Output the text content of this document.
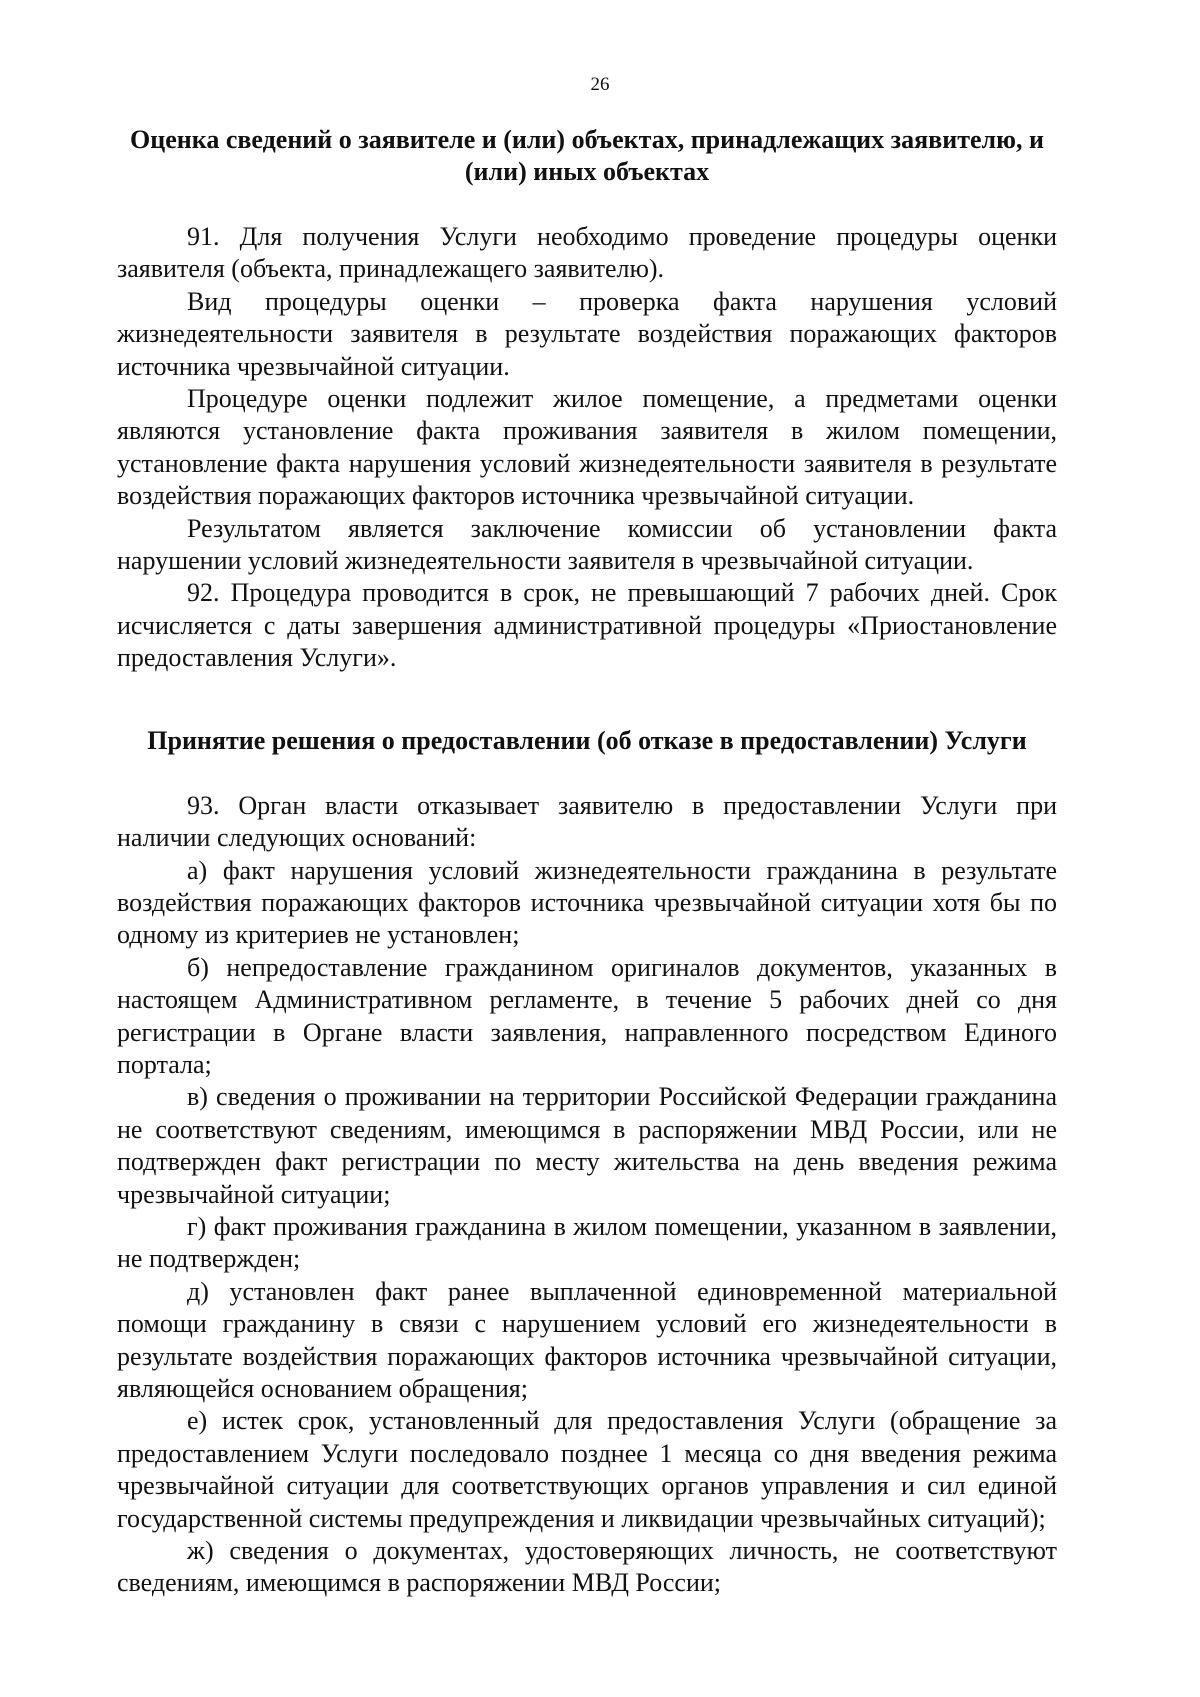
26
Оценка сведений о заявителе и (или) объектах, принадлежащих заявителю, и (или) иных объектах

91. Для получения Услуги необходимо проведение процедуры оценки заявителя (объекта, принадлежащего заявителю).

Вид процедуры оценки – проверка факта нарушения условий жизнедеятельности заявителя в результате воздействия поражающих факторов источника чрезвычайной ситуации.

Процедуре оценки подлежит жилое помещение, а предметами оценки являются установление факта проживания заявителя в жилом помещении, установление факта нарушения условий жизнедеятельности заявителя в результате воздействия поражающих факторов источника чрезвычайной ситуации.

Результатом является заключение комиссии об установлении факта нарушении условий жизнедеятельности заявителя в чрезвычайной ситуации.

92. Процедура проводится в срок, не превышающий 7 рабочих дней. Срок исчисляется с даты завершения административной процедуры «Приостановление предоставления Услуги».

Принятие решения о предоставлении (об отказе в предоставлении) Услуги

93. Орган власти отказывает заявителю в предоставлении Услуги при наличии следующих оснований:

а) факт нарушения условий жизнедеятельности гражданина в результате воздействия поражающих факторов источника чрезвычайной ситуации хотя бы по одному из критериев не установлен;

б) непредоставление гражданином оригиналов документов, указанных в настоящем Административном регламенте, в течение 5 рабочих дней со дня регистрации в Органе власти заявления, направленного посредством Единого портала;

в) сведения о проживании на территории Российской Федерации гражданина не соответствуют сведениям, имеющимся в распоряжении МВД России, или не подтвержден факт регистрации по месту жительства на день введения режима чрезвычайной ситуации;

г) факт проживания гражданина в жилом помещении, указанном в заявлении, не подтвержден;

д) установлен факт ранее выплаченной единовременной материальной помощи гражданину в связи с нарушением условий его жизнедеятельности в результате воздействия поражающих факторов источника чрезвычайной ситуации, являющейся основанием обращения;

е) истек срок, установленный для предоставления Услуги (обращение за предоставлением Услуги последовало позднее 1 месяца со дня введения режима чрезвычайной ситуации для соответствующих органов управления и сил единой государственной системы предупреждения и ликвидации чрезвычайных ситуаций);

ж) сведения о документах, удостоверяющих личность, не соответствуют сведениям, имеющимся в распоряжении МВД России;
